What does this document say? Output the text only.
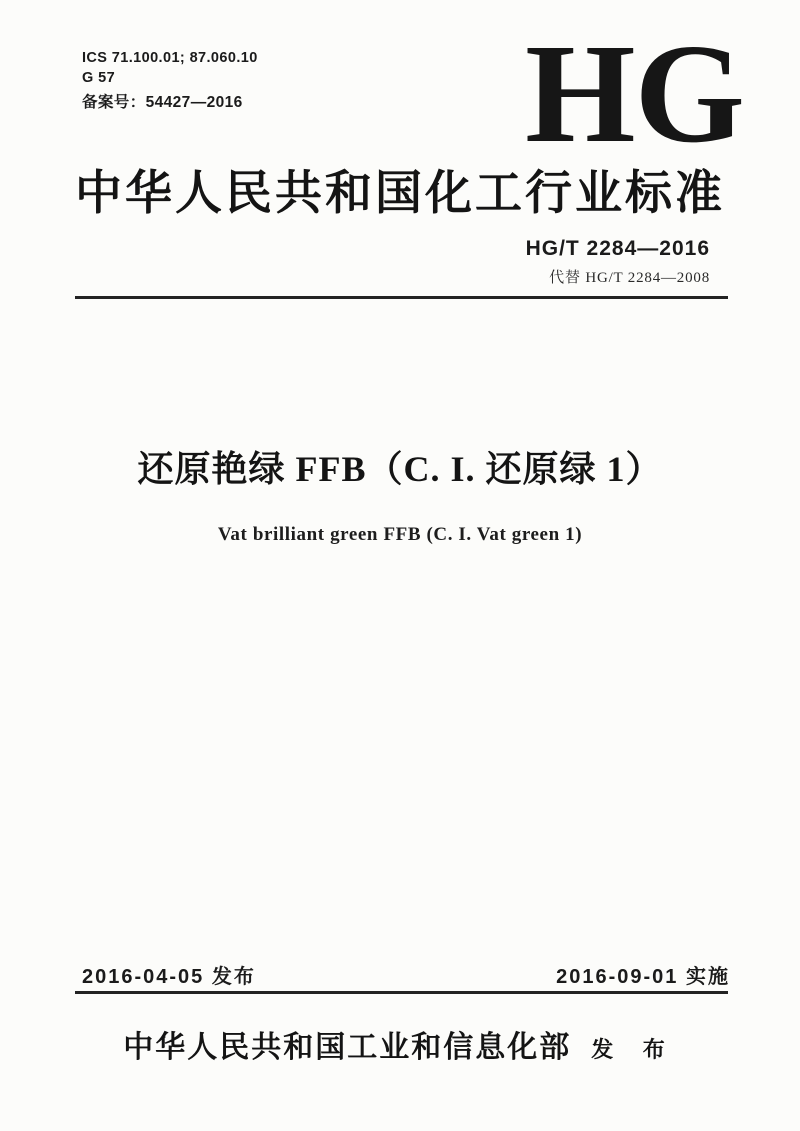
ICS 71.100.01; 87.060.10
G 57
备案号：54427—2016 HG
中华人民共和国化工行业标准
HG/T 2284—2016
代替 HG/T 2284—2008
还原艳绿 FFB（C. I. 还原绿 1）

Vat brilliant green FFB (C. I. Vat green 1)

2016-04-05 发布	2016-09-01 实施
中华人民共和国工业和信息化部 发 布
